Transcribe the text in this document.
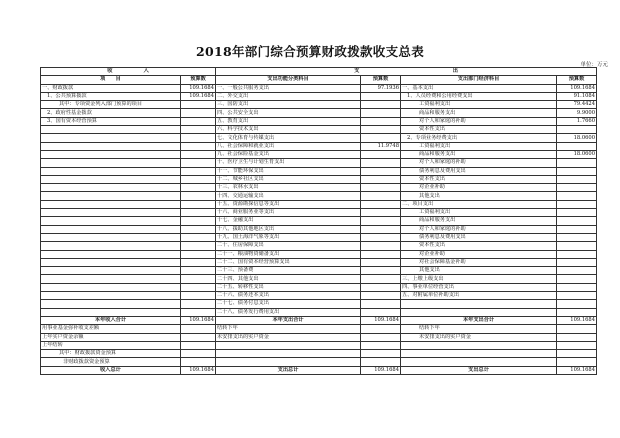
2018年部门综合预算财政拨款收支总表
单位：万元
收　　　　　　入		支　　　　　　　　　　　　　　　　　　出			
项　　目	预算数	支出功能分类科目	预算数	支出部门经济科目	预算数
一、财政拨款	109.1684	一、一般公共服务支出	97.1936	一、基本支出	109.1684
1、公共预算拨款	109.1684	二、外交支出		1、人员经费和公用经费支出	91.1084
其中：专项资金列入部门预算的项目		三、国防支出		工资福利支出	79.4424
2、政府性基金拨款		四、公共安全支出		商品和服务支出	9.9000
3、国有资本经营预算		五、教育支出		对个人和家庭的补助	1.7660
		六、科学技术支出		资本性支出	
		七、文化体育与传媒支出		2、专项业务经费支出	18.0600
		八、社会保障和就业支出	11.9748	工资福利支出	
		九、社会保险基金支出		商品和服务支出	18.0600
		十、医疗卫生与计划生育支出		对个人和家庭的补助	
		十一、节能环保支出		债务利息及费用支出	
		十二、城乡社区支出		资本性支出	
		十三、农林水支出		对企业补助	
		十四、交通运输支出		其他支出	
		十五、资源勘探信息等支出		二、项目支出	
		十六、商业服务业等支出		工资福利支出	
		十七、金融支出		商品和服务支出	
		十八、援助其他地区支出		对个人和家庭的补助	
		十九、国土海洋气象等支出		债务利息及费用支出	
		二十、住房保障支出		资本性支出	
		二十一、粮油物资储备支出		对企业补助	
		二十二、国有资本经营预算支出		对社会保障基金补助	
		二十三、预备费		其他支出	
		二十四、其他支出		三、上缴上级支出	
		二十五、转移性支出		四、事业单位经营支出	
		二十六、债务还本支出		五、对附属单位补助支出	
		二十七、债务付息支出			
		二十八、债务发行费用支出			
本年收入合计	109.1684	本年支出合计	109.1684	本年支出合计	109.1684
用事业基金弥补收支差额		结转下年		结转下年	
上年实户资金余额		未安排支出的实户资金		未安排支出的实户资金	
上年结转					
其中：财政拨款资金预算					
非财政拨款资金预算					
收入总计	109.1684	支出总计	109.1684	支出总计	109.1684
